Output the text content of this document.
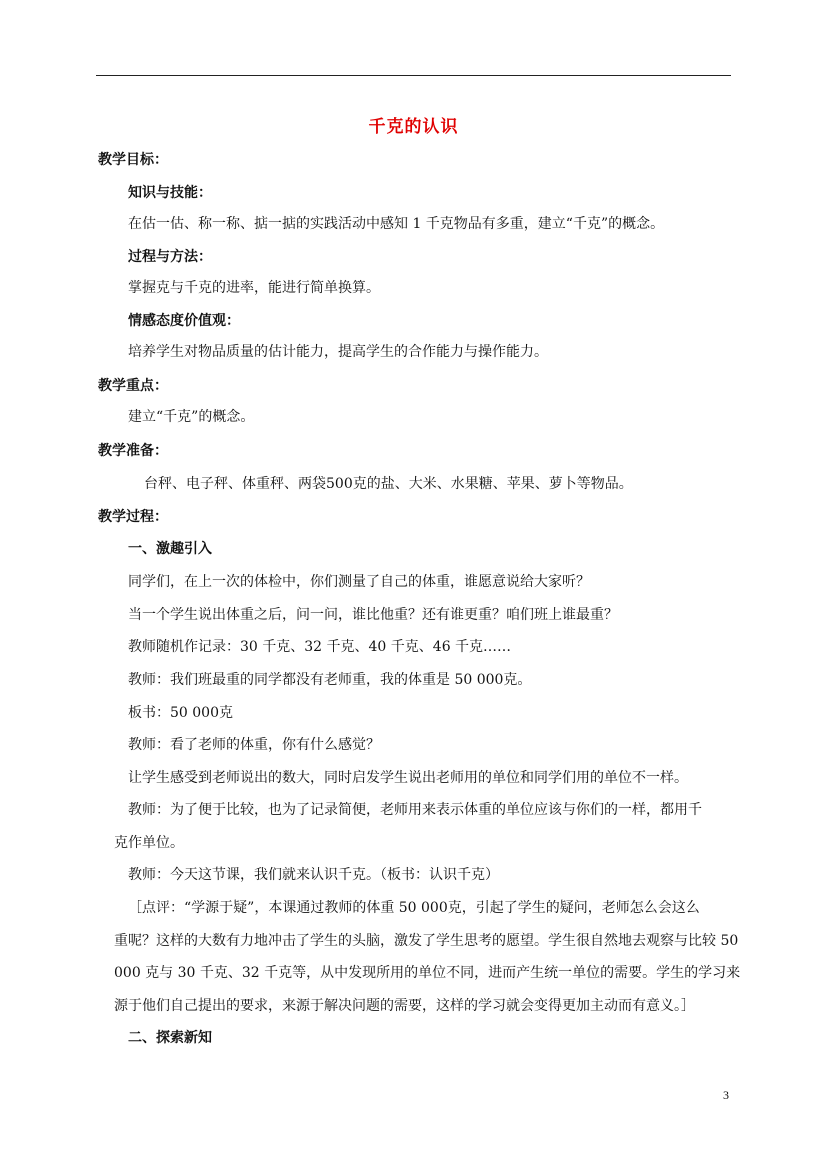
千克的认识
教学目标：
知识与技能：
在估一估、称一称、掂一掂的实践活动中感知 1 千克物品有多重，建立“千克”的概念。
过程与方法：
掌握克与千克的进率，能进行简单换算。
情感态度价值观：
培养学生对物品质量的估计能力，提高学生的合作能力与操作能力。
教学重点：
建立“千克”的概念。
教学准备：
台秤、电子秤、体重秤、两袋500克的盐、大米、水果糖、苹果、萝卜等物品。
教学过程：
一、激趣引入
同学们，在上一次的体检中，你们测量了自己的体重，谁愿意说给大家听？
当一个学生说出体重之后，问一问，谁比他重？还有谁更重？咱们班上谁最重？
教师随机作记录：30 千克、32 千克、40 千克、46 千克……
教师：我们班最重的同学都没有老师重，我的体重是 50 000克。
板书：50 000克
教师：看了老师的体重，你有什么感觉？
让学生感受到老师说出的数大，同时启发学生说出老师用的单位和同学们用的单位不一样。
教师：为了便于比较，也为了记录简便，老师用来表示体重的单位应该与你们的一样，都用千
克作单位。
教师：今天这节课，我们就来认识千克。（板书：认识千克）
［点评：“学源于疑”，本课通过教师的体重 50 000克，引起了学生的疑问，老师怎么会这么
重呢？这样的大数有力地冲击了学生的头脑，激发了学生思考的愿望。学生很自然地去观察与比较 50
000 克与 30 千克、32 千克等，从中发现所用的单位不同，进而产生统一单位的需要。学生的学习来
源于他们自己提出的要求，来源于解决问题的需要，这样的学习就会变得更加主动而有意义。］
二、探索新知
3
